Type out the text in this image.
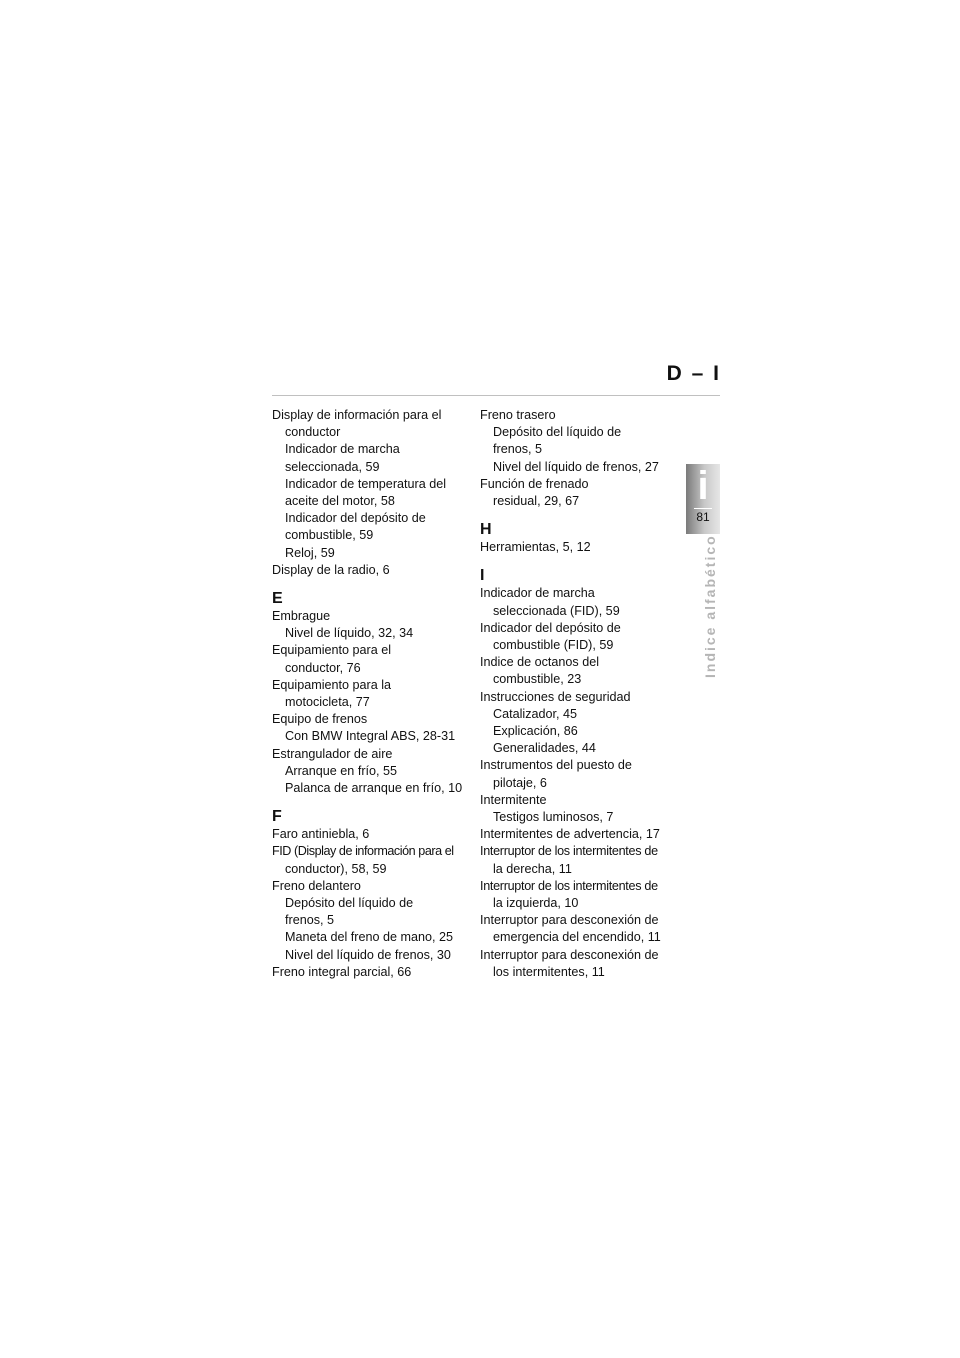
D – I
i
81
Indice alfabético
Display de información para el
conductor
Indicador de marcha
seleccionada, 59
Indicador de temperatura del
aceite del motor, 58
Indicador del depósito de
combustible, 59
Reloj, 59
Display de la radio, 6
E
Embrague
Nivel de líquido, 32, 34
Equipamiento para el
conductor, 76
Equipamiento para la
motocicleta, 77
Equipo de frenos
Con BMW Integral ABS, 28-31
Estrangulador de aire
Arranque en frío, 55
Palanca de arranque en frío, 10
F
Faro antiniebla, 6
FID (Display de información para el
conductor), 58, 59
Freno delantero
Depósito del líquido de
frenos, 5
Maneta del freno de mano, 25
Nivel del líquido de frenos, 30
Freno integral parcial, 66
Freno trasero
Depósito del líquido de
frenos, 5
Nivel del líquido de frenos, 27
Función de frenado
residual, 29, 67
H
Herramientas, 5, 12
I
Indicador de marcha
seleccionada (FID), 59
Indicador del depósito de
combustible (FID), 59
Indice de octanos del
combustible, 23
Instrucciones de seguridad
Catalizador, 45
Explicación, 86
Generalidades, 44
Instrumentos del puesto de
pilotaje, 6
Intermitente
Testigos luminosos, 7
Intermitentes de advertencia, 17
Interruptor de los intermitentes de
la derecha, 11
Interruptor de los intermitentes de
la izquierda, 10
Interruptor para desconexión de
emergencia del encendido, 11
Interruptor para desconexión de
los intermitentes, 11
